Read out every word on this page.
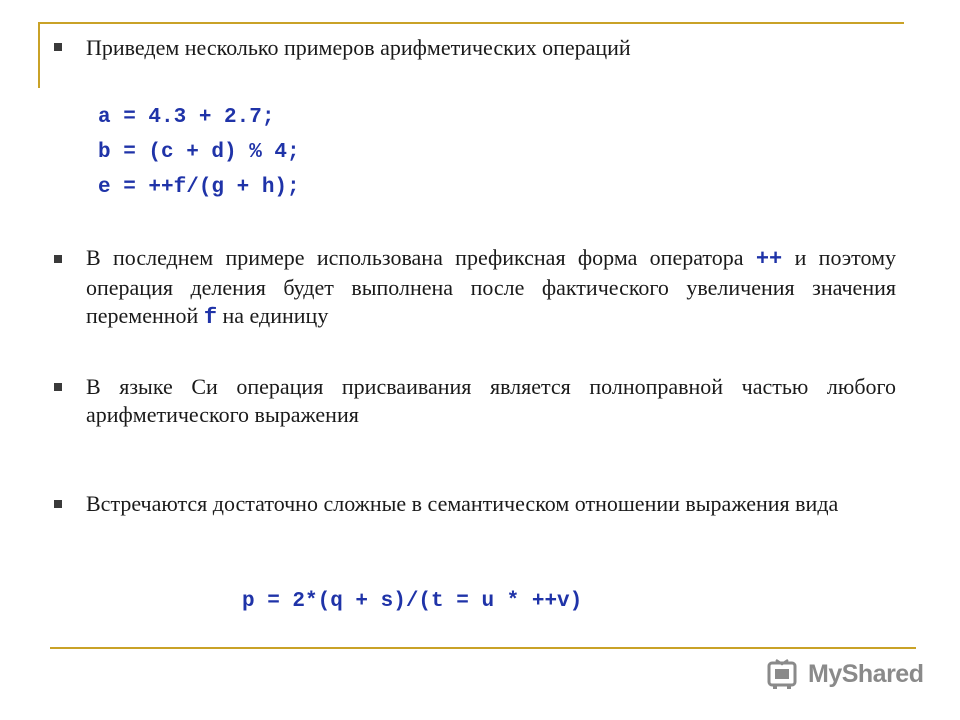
Приведем несколько примеров арифметических операций
a = 4.3 + 2.7;
b = (c + d) % 4;
e = ++f/(g + h);
В последнем примере использована префиксная форма оператора ++ и поэтому операция деления будет выполнена после фактического увеличения значения переменной f на единицу
В языке Си операция присваивания является полноправной частью любого арифметического выражения
Встречаются достаточно сложные в семантическом отношении выражения вида
p = 2*(q + s)/(t = u * ++v)
MyShared
